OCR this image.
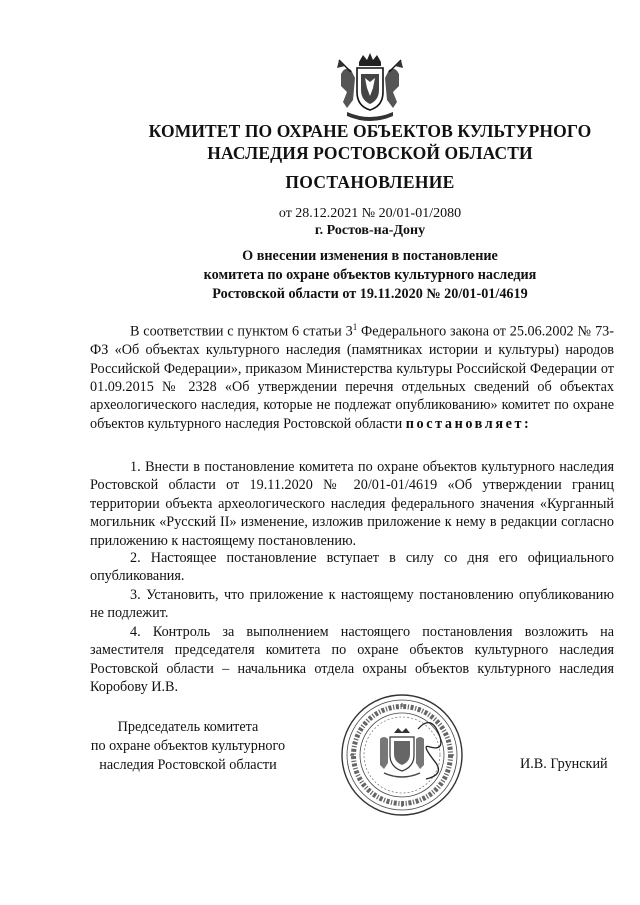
КОМИТЕТ ПО ОХРАНЕ ОБЪЕКТОВ КУЛЬТУРНОГО
НАСЛЕДИЯ РОСТОВСКОЙ ОБЛАСТИ
ПОСТАНОВЛЕНИЕ
от 28.12.2021 № 20/01-01/2080
г. Ростов-на-Дону
О внесении изменения в постановление
комитета по охране объектов культурного наследия
Ростовской области от 19.11.2020 № 20/01-01/4619
В соответствии с пунктом 6 статьи $3^1$ Федерального закона от 25.06.2002 № 73-ФЗ «Об объектах культурного наследия (памятниках истории и культуры) народов Российской Федерации», приказом Министерства культуры Российской Федерации от 01.09.2015 № 2328 «Об утверждении перечня отдельных сведений об объектах археологического наследия, которые не подлежат опубликованию» комитет по охране объектов культурного наследия Ростовской области постановляет:
1. Внести в постановление комитета по охране объектов культурного наследия Ростовской области от 19.11.2020 № 20/01-01/4619 «Об утверждении границ территории объекта археологического наследия федерального значения «Курганный могильник «Русский II» изменение, изложив приложение к нему в редакции согласно приложению к настоящему постановлению.
2. Настоящее постановление вступает в силу со дня его официального опубликования.
3. Установить, что приложение к настоящему постановлению опубликованию не подлежит.
4. Контроль за выполнением настоящего постановления возложить на заместителя председателя комитета по охране объектов культурного наследия Ростовской области – начальника отдела охраны объектов культурного наследия Коробову И.В.
Председатель комитета
по охране объектов культурного
наследия Ростовской области	И.В. Грунский
